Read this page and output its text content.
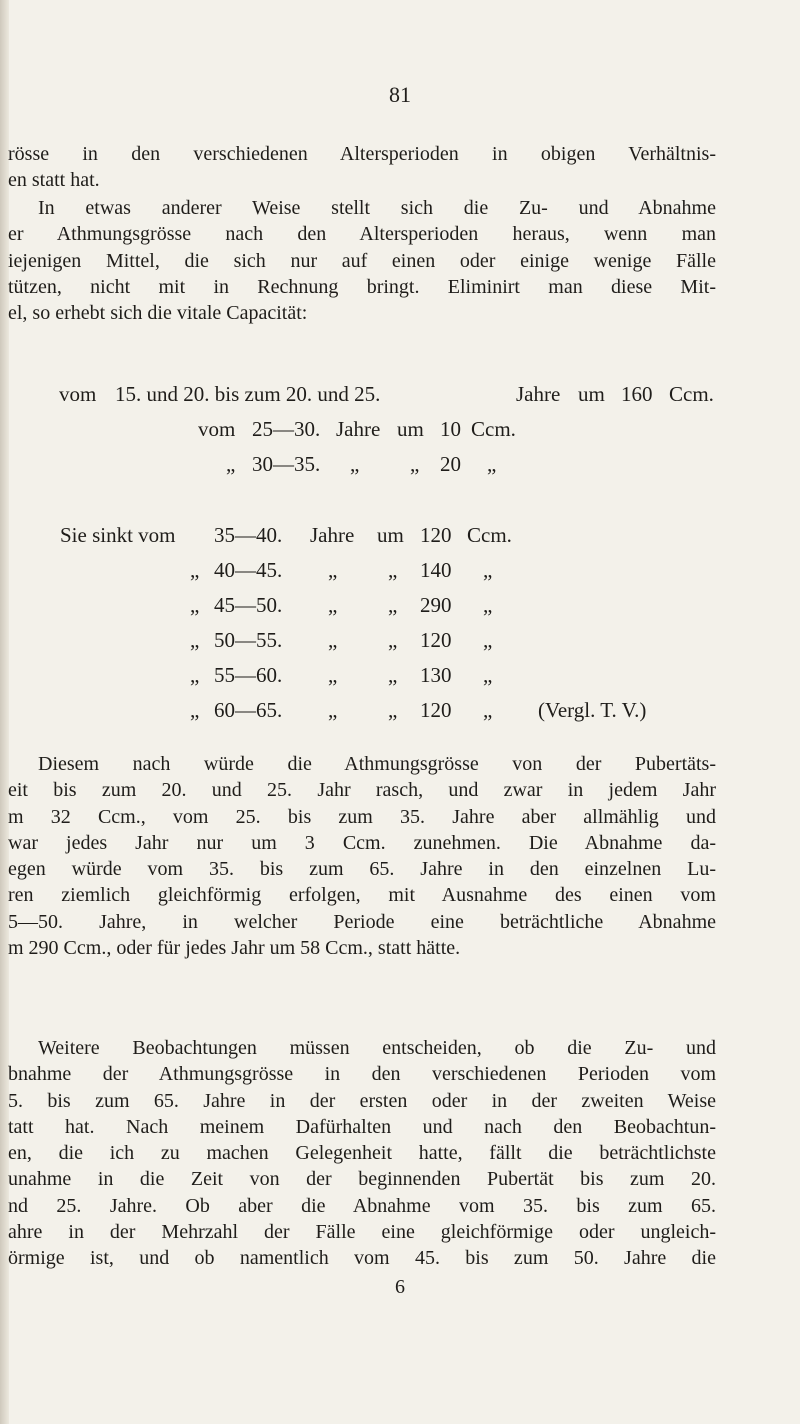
81
rösse in den verschiedenen Altersperioden in obigen Verhältnis-
en statt hat.
In etwas anderer Weise stellt sich die Zu- und Abnahme
er Athmungsgrösse nach den Altersperioden heraus, wenn man
iejenigen Mittel, die sich nur auf einen oder einige wenige Fälle
tützen, nicht mit in Rechnung bringt. Eliminirt man diese Mit-
el, so erhebt sich die vitale Capacität:
vom 15. und 20. bis zum 20. und 25.	Jahre um 160 Ccm.
vom 25—30. Jahre um 10 Ccm.
„ 30—35. „ „ 20 „
Sie sinkt vom 35—40. Jahre um 120 Ccm.
„ 40—45. „ „ 140 „
„ 45—50. „ „ 290 „
„ 50—55. „ „ 120 „
„ 55—60. „ „ 130 „
„ 60—65. „ „ 120 „ (Vergl. T. V.)
Diesem nach würde die Athmungsgrösse von der Pubertäts-
eit bis zum 20. und 25. Jahr rasch, und zwar in jedem Jahr
m 32 Ccm., vom 25. bis zum 35. Jahre aber allmählig und
war jedes Jahr nur um 3 Ccm. zunehmen. Die Abnahme da-
egen würde vom 35. bis zum 65. Jahre in den einzelnen Lu-
ren ziemlich gleichförmig erfolgen, mit Ausnahme des einen vom
5—50. Jahre, in welcher Periode eine beträchtliche Abnahme
m 290 Ccm., oder für jedes Jahr um 58 Ccm., statt hätte.
Weitere Beobachtungen müssen entscheiden, ob die Zu- und
bnahme der Athmungsgrösse in den verschiedenen Perioden vom
5. bis zum 65. Jahre in der ersten oder in der zweiten Weise
tatt hat. Nach meinem Dafürhalten und nach den Beobachtun-
en, die ich zu machen Gelegenheit hatte, fällt die beträchtlichste
unahme in die Zeit von der beginnenden Pubertät bis zum 20.
nd 25. Jahre. Ob aber die Abnahme vom 35. bis zum 65.
ahre in der Mehrzahl der Fälle eine gleichförmige oder ungleich-
örmige ist, und ob namentlich vom 45. bis zum 50. Jahre die
6
